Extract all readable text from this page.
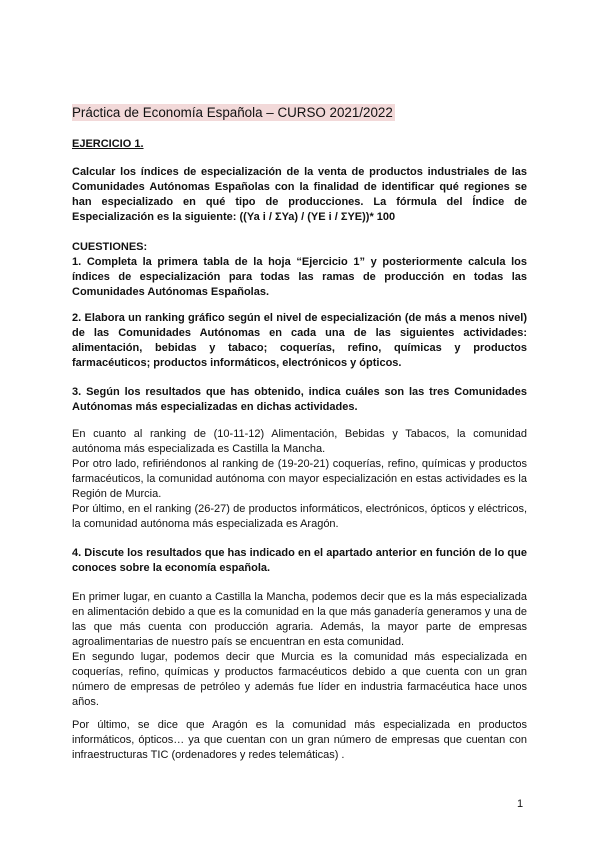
Práctica de Economía Española – CURSO 2021/2022
EJERCICIO 1.

Calcular los índices de especialización de la venta de productos industriales de las Comunidades Autónomas Españolas con la finalidad de identificar qué regiones se han especializado en qué tipo de producciones. La fórmula del Índice de Especialización es la siguiente: ((Ya i / ΣYa) / (YE i / ΣYE))* 100

CUESTIONES:

1. Completa la primera tabla de la hoja “Ejercicio 1” y posteriormente calcula los índices de especialización para todas las ramas de producción en todas las Comunidades Autónomas Españolas.

2. Elabora un ranking gráfico según el nivel de especialización (de más a menos nivel) de las Comunidades Autónomas en cada una de las siguientes actividades: alimentación, bebidas y tabaco; coquerías, refino, químicas y productos farmacéuticos; productos informáticos, electrónicos y ópticos.

3. Según los resultados que has obtenido, indica cuáles son las tres Comunidades Autónomas más especializadas en dichas actividades.

En cuanto al ranking de (10-11-12) Alimentación, Bebidas y Tabacos, la comunidad autónoma más especializada es Castilla la Mancha.

Por otro lado, refiriéndonos al ranking de (19-20-21) coquerías, refino, químicas y productos farmacéuticos, la comunidad autónoma con mayor especialización en estas actividades es la Región de Murcia.

Por último, en el ranking (26-27) de productos informáticos, electrónicos, ópticos y eléctricos, la comunidad autónoma más especializada es Aragón.

4. Discute los resultados que has indicado en el apartado anterior en función de lo que conoces sobre la economía española.

En primer lugar, en cuanto a Castilla la Mancha, podemos decir que es la más especializada en alimentación debido a que es la comunidad en la que más ganadería generamos y una de las que más cuenta con producción agraria. Además, la mayor parte de empresas agroalimentarias de nuestro país se encuentran en esta comunidad.

En segundo lugar, podemos decir que Murcia es la comunidad más especializada en coquerías, refino, químicas y productos farmacéuticos debido a que cuenta con un gran número de empresas de petróleo y además fue líder en industria farmacéutica hace unos años.

Por último, se dice que Aragón es la comunidad más especializada en productos informáticos, ópticos… ya que cuentan con un gran número de empresas que cuentan con infraestructuras TIC (ordenadores y redes telemáticas) .

1
